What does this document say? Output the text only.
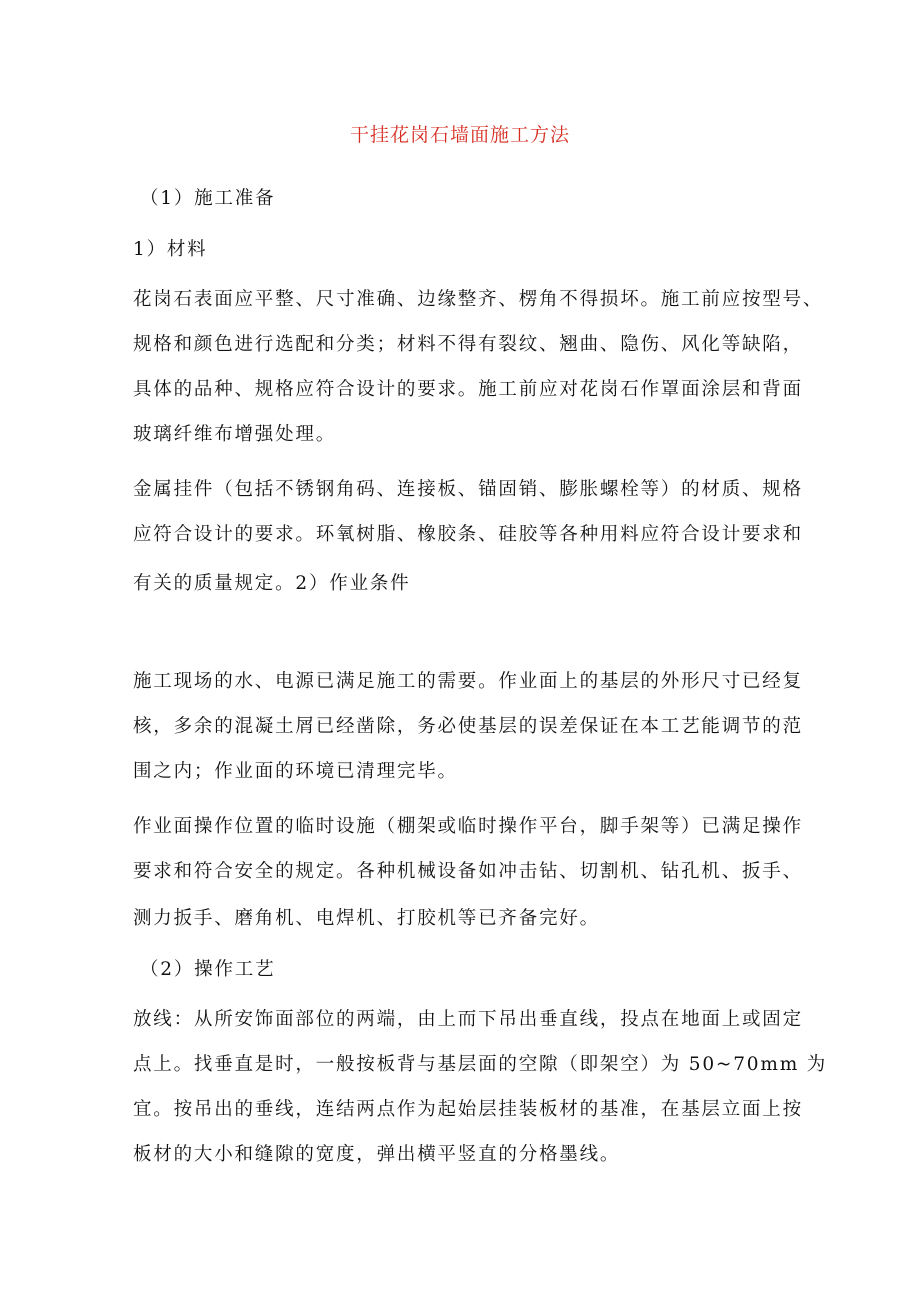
干挂花岗石墙面施工方法
（1）施工准备
1）材料
花岗石表面应平整、尺寸准确、边缘整齐、楞角不得损坏。施工前应按型号、
规格和颜色进行选配和分类；材料不得有裂纹、翘曲、隐伤、风化等缺陷，
具体的品种、规格应符合设计的要求。施工前应对花岗石作罩面涂层和背面
玻璃纤维布增强处理。
金属挂件（包括不锈钢角码、连接板、锚固销、膨胀螺栓等）的材质、规格
应符合设计的要求。环氧树脂、橡胶条、硅胶等各种用料应符合设计要求和
有关的质量规定。2）作业条件
施工现场的水、电源已满足施工的需要。作业面上的基层的外形尺寸已经复
核，多余的混凝土屑已经凿除，务必使基层的误差保证在本工艺能调节的范
围之内；作业面的环境已清理完毕。
作业面操作位置的临时设施（棚架或临时操作平台，脚手架等）已满足操作
要求和符合安全的规定。各种机械设备如冲击钻、切割机、钻孔机、扳手、
测力扳手、磨角机、电焊机、打胶机等已齐备完好。
（2）操作工艺
放线：从所安饰面部位的两端，由上而下吊出垂直线，投点在地面上或固定
点上。找垂直是时，一般按板背与基层面的空隙（即架空）为 50~70mm 为
宜。按吊出的垂线，连结两点作为起始层挂装板材的基准，在基层立面上按
板材的大小和缝隙的宽度，弹出横平竖直的分格墨线。
